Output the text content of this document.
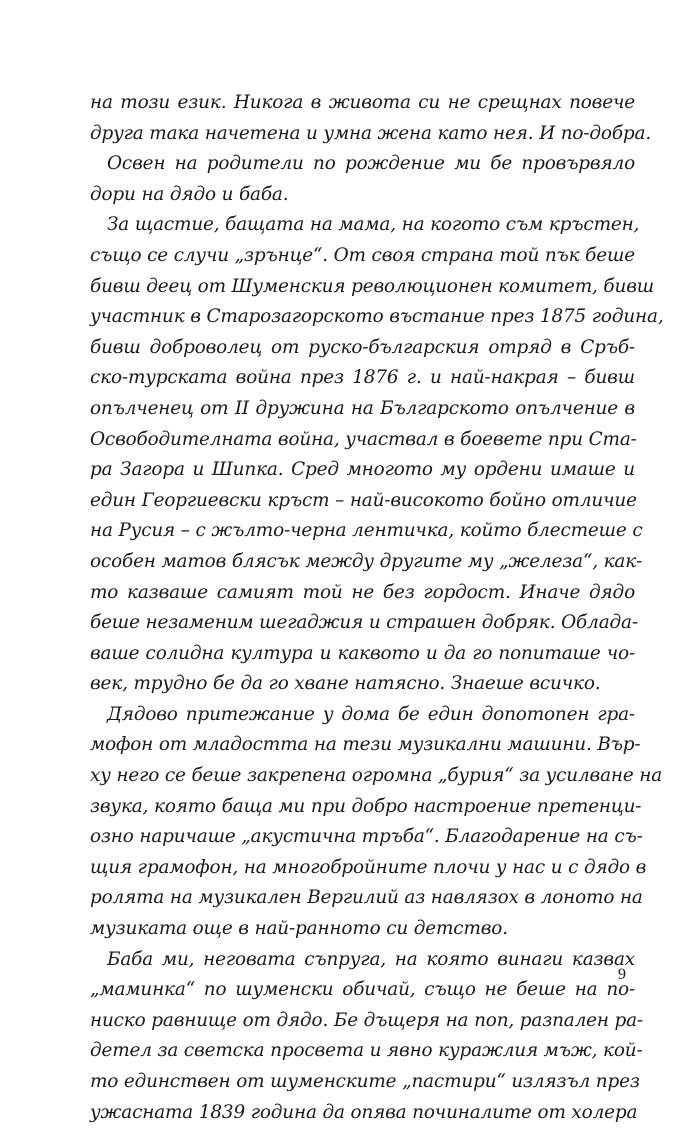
на този език. Никога в живота си не срещнах повече
друга така начетена и умна жена като нея. И по-добра.
Освен на родители по рождение ми бе провървяло
дори на дядо и баба.
За щастие, бащата на мама, на когото съм кръстен,
също се случи „зрънце“. От своя страна той пък беше
бивш деец от Шуменския революционен комитет, бивш
участник в Старозагорското въстание през 1875 година,
бивш доброволец от руско-българския отряд в Сръб-
ско-турската война през 1876 г. и най-накрая – бивш
опълченец от II дружина на Българското опълчение в
Освободителната война, участвал в боевете при Ста-
ра Загора и Шипка. Сред многото му ордени имаше и
един Георгиевски кръст – най-високото бойно отличие
на Русия – с жълто-черна лентичка, който блестеше с
особен матов блясък между другите му „железа“, как-
то казваше самият той не без гордост. Иначе дядо
беше незаменим шегаджия и страшен добряк. Облада-
ваше солидна култура и каквото и да го попиташе чо-
век, трудно бе да го хване натясно. Знаеше всичко.
Дядово притежание у дома бе един допотопен гра-
мофон от младостта на тези музикални машини. Вър-
ху него се беше закрепена огромна „бурия“ за усилване на
звука, която баща ми при добро настроение претенци-
озно наричаше „акустична тръба“. Благодарение на съ-
щия грамофон, на многобройните плочи у нас и с дядо в
ролята на музикален Вергилий аз навлязох в лоното на
музиката още в най-ранното си детство.
Баба ми, неговата съпруга, на която винаги казвах
„маминка“ по шуменски обичай, също не беше на по-
ниско равнище от дядо. Бе дъщеря на поп, разпален ра-
детел за светска просвета и явно куражлия мъж, кой-
то единствен от шуменските „пастири“ излязъл през
ужасната 1839 година да опява починалите от холера
9
